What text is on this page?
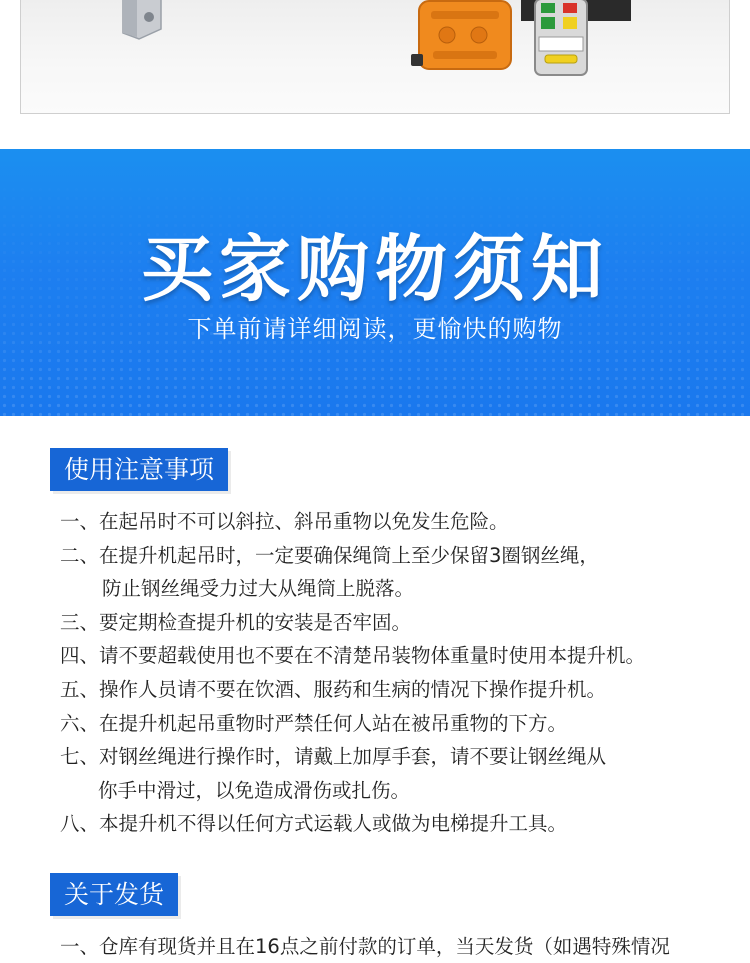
买家购物须知
下单前请详细阅读，更愉快的购物
使用注意事项
一、在起吊时不可以斜拉、斜吊重物以免发生危险。
二、在提升机起吊时，一定要确保绳筒上至少保留3圈钢丝绳，
防止钢丝绳受力过大从绳筒上脱落。
三、要定期检查提升机的安装是否牢固。
四、请不要超载使用也不要在不清楚吊装物体重量时使用本提升机。
五、操作人员请不要在饮酒、服药和生病的情况下操作提升机。
六、在提升机起吊重物时严禁任何人站在被吊重物的下方。
七、对钢丝绳进行操作时，请戴上加厚手套，请不要让钢丝绳从
你手中滑过，以免造成滑伤或扎伤。
八、本提升机不得以任何方式运载人或做为电梯提升工具。
关于发货
一、仓库有现货并且在16点之前付款的订单，当天发货（如遇特殊情况
